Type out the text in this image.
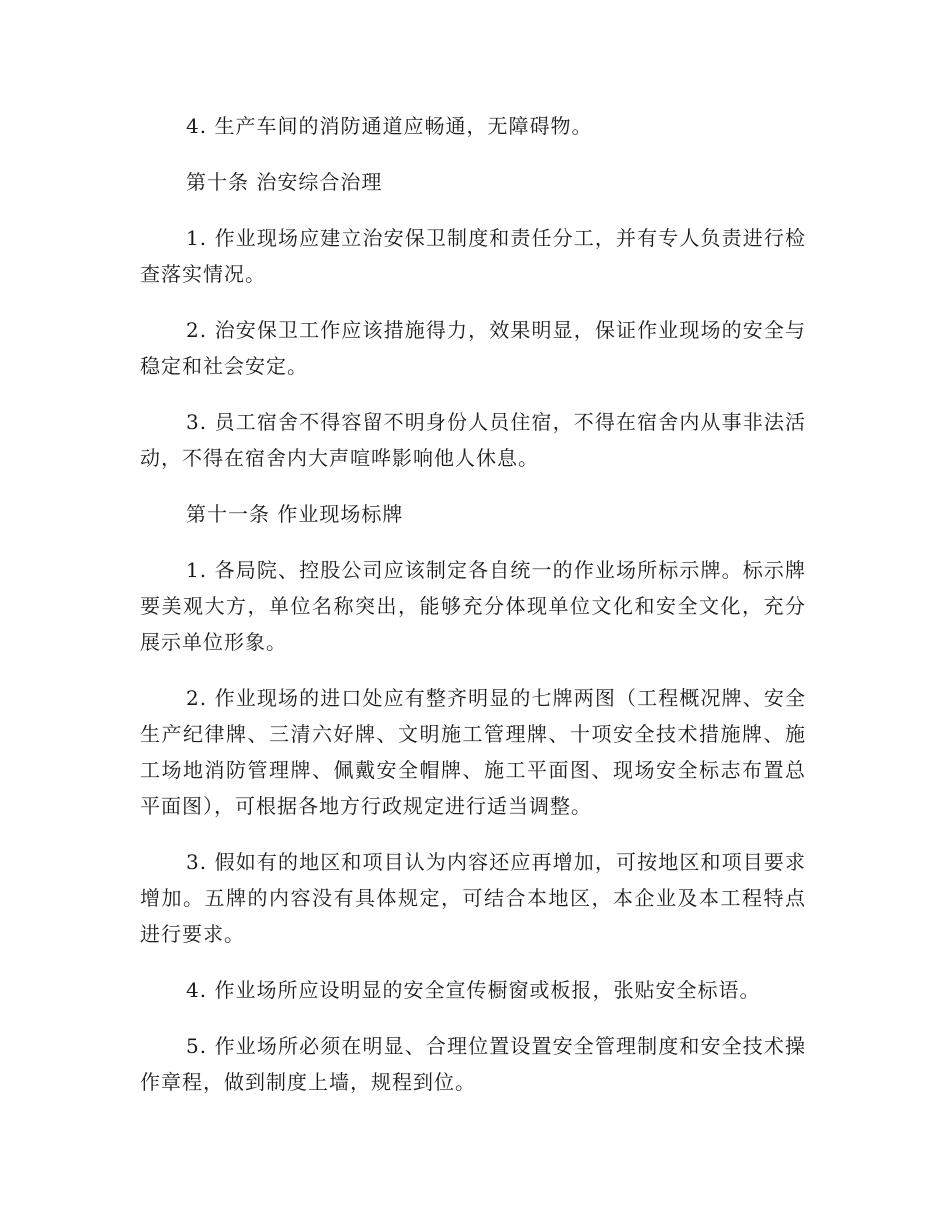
4. 生产车间的消防通道应畅通，无障碍物。

第十条 治安综合治理

1. 作业现场应建立治安保卫制度和责任分工，并有专人负责进行检查落实情况。

2. 治安保卫工作应该措施得力，效果明显，保证作业现场的安全与稳定和社会安定。

3. 员工宿舍不得容留不明身份人员住宿，不得在宿舍内从事非法活动，不得在宿舍内大声喧哗影响他人休息。

第十一条 作业现场标牌

1. 各局院、控股公司应该制定各自统一的作业场所标示牌。标示牌要美观大方，单位名称突出，能够充分体现单位文化和安全文化，充分展示单位形象。

2. 作业现场的进口处应有整齐明显的七牌两图（工程概况牌、安全生产纪律牌、三清六好牌、文明施工管理牌、十项安全技术措施牌、施工场地消防管理牌、佩戴安全帽牌、施工平面图、现场安全标志布置总平面图），可根据各地方行政规定进行适当调整。

3. 假如有的地区和项目认为内容还应再增加，可按地区和项目要求增加。五牌的内容没有具体规定，可结合本地区，本企业及本工程特点进行要求。

4. 作业场所应设明显的安全宣传橱窗或板报，张贴安全标语。

5. 作业场所必须在明显、合理位置设置安全管理制度和安全技术操作章程，做到制度上墙，规程到位。
